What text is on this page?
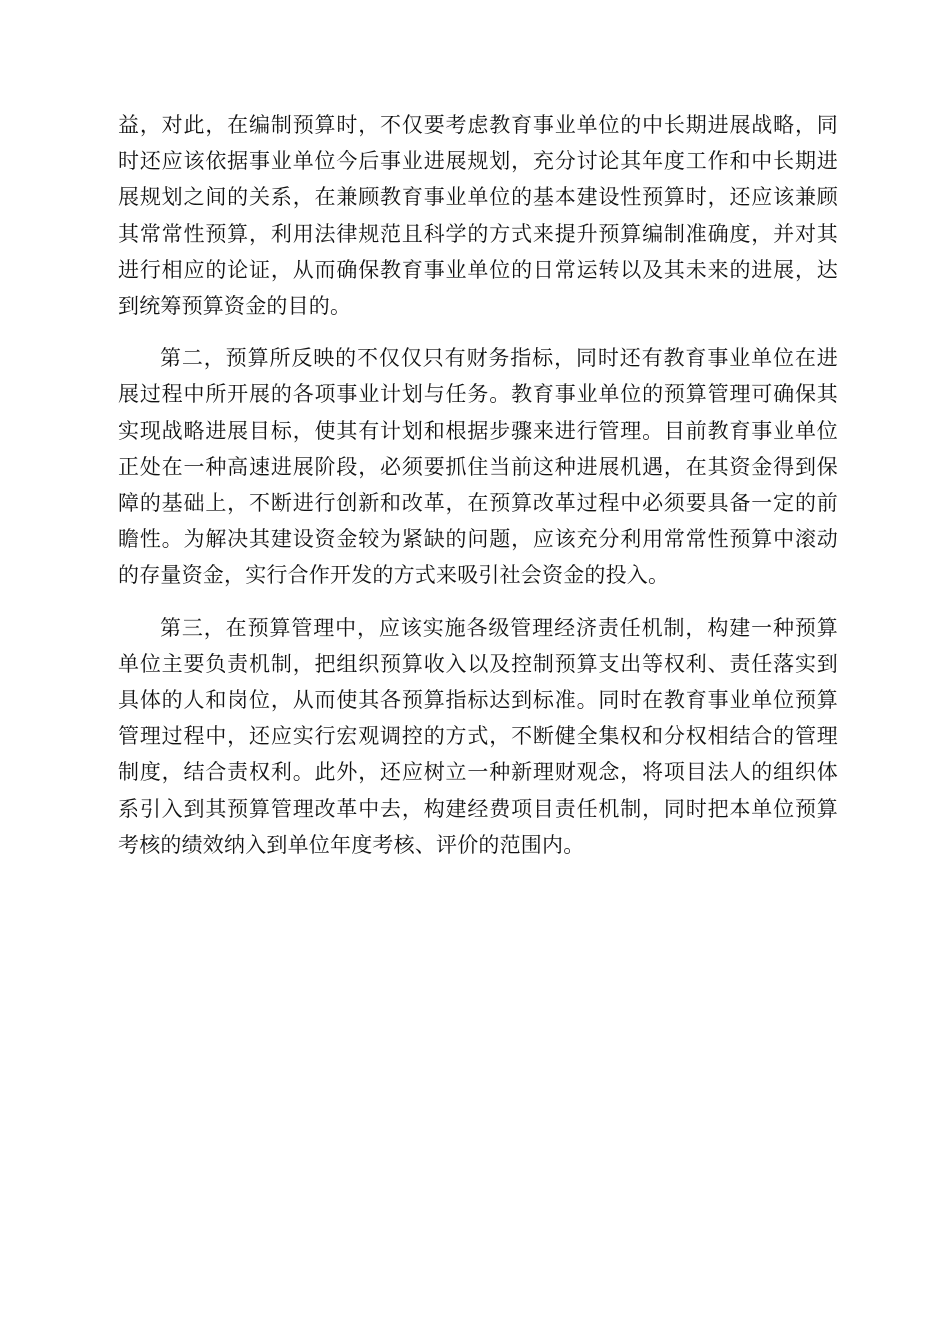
益，对此，在编制预算时，不仅要考虑教育事业单位的中长期进展战略，同时还应该依据事业单位今后事业进展规划，充分讨论其年度工作和中长期进展规划之间的关系，在兼顾教育事业单位的基本建设性预算时，还应该兼顾其常常性预算，利用法律规范且科学的方式来提升预算编制准确度，并对其进行相应的论证，从而确保教育事业单位的日常运转以及其未来的进展，达到统筹预算资金的目的。

第二，预算所反映的不仅仅只有财务指标，同时还有教育事业单位在进展过程中所开展的各项事业计划与任务。教育事业单位的预算管理可确保其实现战略进展目标，使其有计划和根据步骤来进行管理。目前教育事业单位正处在一种高速进展阶段，必须要抓住当前这种进展机遇，在其资金得到保障的基础上，不断进行创新和改革，在预算改革过程中必须要具备一定的前瞻性。为解决其建设资金较为紧缺的问题，应该充分利用常常性预算中滚动的存量资金，实行合作开发的方式来吸引社会资金的投入。

第三，在预算管理中，应该实施各级管理经济责任机制，构建一种预算单位主要负责机制，把组织预算收入以及控制预算支出等权利、责任落实到具体的人和岗位，从而使其各预算指标达到标准。同时在教育事业单位预算管理过程中，还应实行宏观调控的方式，不断健全集权和分权相结合的管理制度，结合责权利。此外，还应树立一种新理财观念，将项目法人的组织体系引入到其预算管理改革中去，构建经费项目责任机制，同时把本单位预算考核的绩效纳入到单位年度考核、评价的范围内。
